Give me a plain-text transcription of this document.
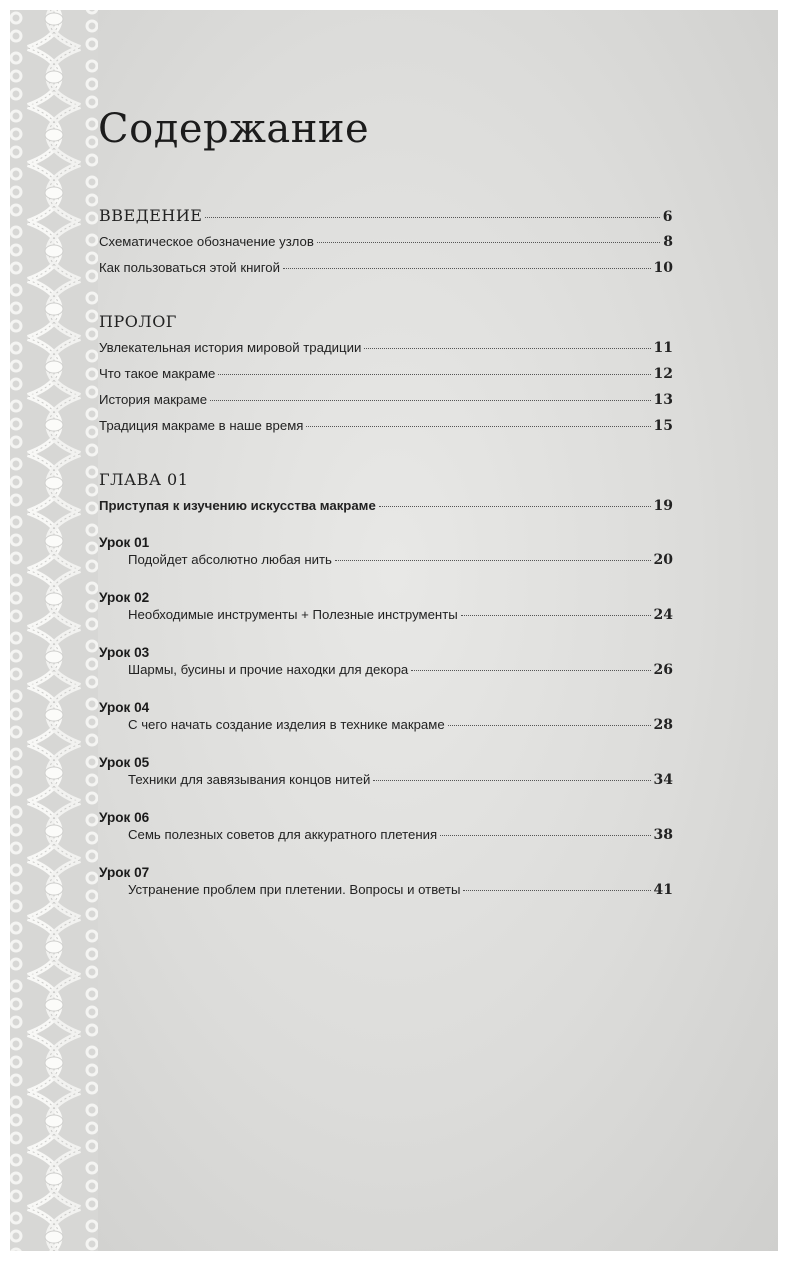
Содержание
ВВЕДЕНИЕ	6
Схематическое обозначение узлов	8
Как пользоваться этой книгой	10
ПРОЛОГ
Увлекательная история мировой традиции	11
Что такое макраме	12
История макраме	13
Традиция макраме в наше время	15
ГЛАВА 01
Приступая к изучению искусства макраме	19
Урок 01
Подойдет абсолютно любая нить	20
Урок 02
Необходимые инструменты + Полезные инструменты	24
Урок 03
Шармы, бусины и прочие находки для декора	26
Урок 04
С чего начать создание изделия в технике макраме	28
Урок 05
Техники для завязывания концов нитей	34
Урок 06
Семь полезных советов для аккуратного плетения	38
Урок 07
Устранение проблем при плетении. Вопросы и ответы	41
